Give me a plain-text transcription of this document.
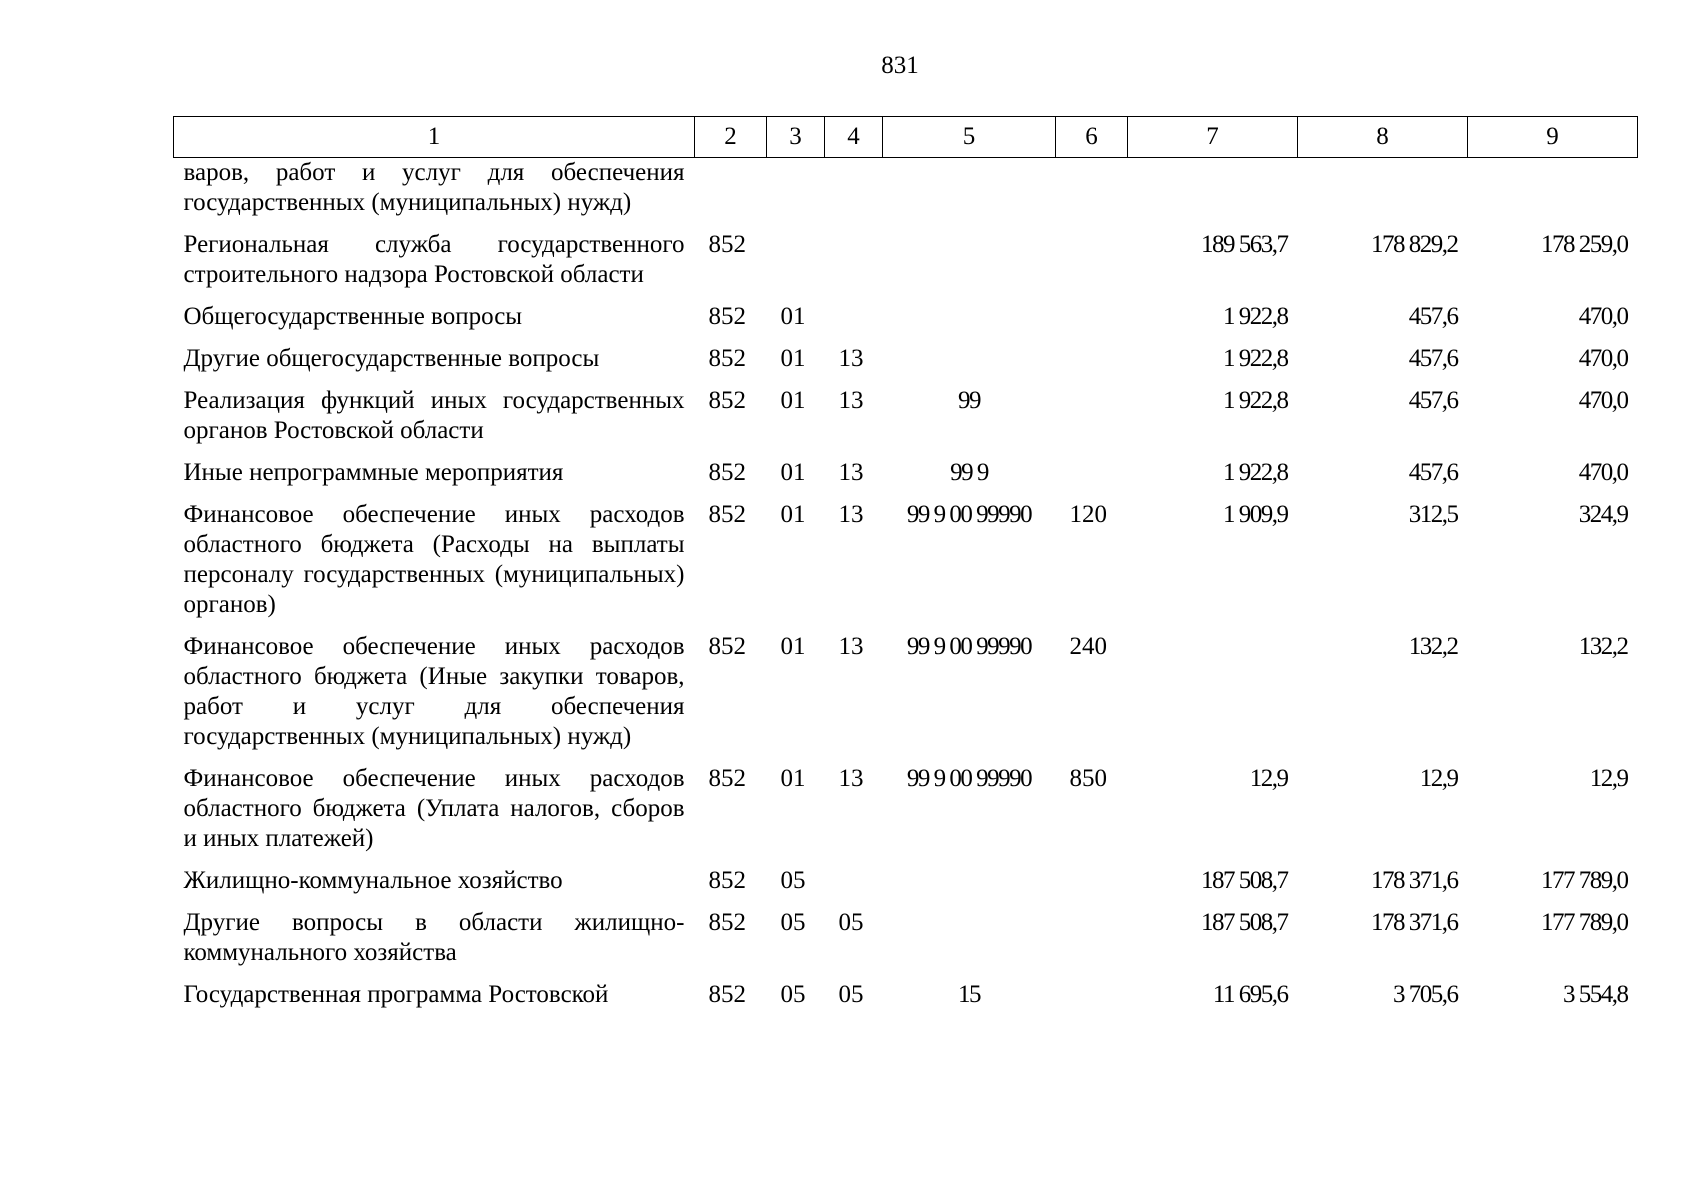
831
1	2	3	4	5	6	7	8	9
варов, работ и услуг для обеспечения государственных (муниципальных) нужд)								
Региональная служба государственного строительного надзора Ростовской области	852					189 563,7	178 829,2	178 259,0
Общегосударственные вопросы	852	01				1 922,8	457,6	470,0
Другие общегосударственные вопросы	852	01	13			1 922,8	457,6	470,0
Реализация функций иных государственных органов Ростовской области	852	01	13	99		1 922,8	457,6	470,0
Иные непрограммные мероприятия	852	01	13	99 9		1 922,8	457,6	470,0
Финансовое обеспечение иных расходов областного бюджета (Расходы на выплаты персоналу государственных (муниципальных) органов)	852	01	13	99 9 00 99990	120	1 909,9	312,5	324,9
Финансовое обеспечение иных расходов областного бюджета (Иные закупки товаров, работ и услуг для обеспечения государственных (муниципальных) нужд)	852	01	13	99 9 00 99990	240		132,2	132,2
Финансовое обеспечение иных расходов областного бюджета (Уплата налогов, сборов и иных платежей)	852	01	13	99 9 00 99990	850	12,9	12,9	12,9
Жилищно-коммунальное хозяйство	852	05				187 508,7	178 371,6	177 789,0
Другие вопросы в области жилищно-коммунального хозяйства	852	05	05			187 508,7	178 371,6	177 789,0
Государственная программа Ростовской	852	05	05	15		11 695,6	3 705,6	3 554,8
